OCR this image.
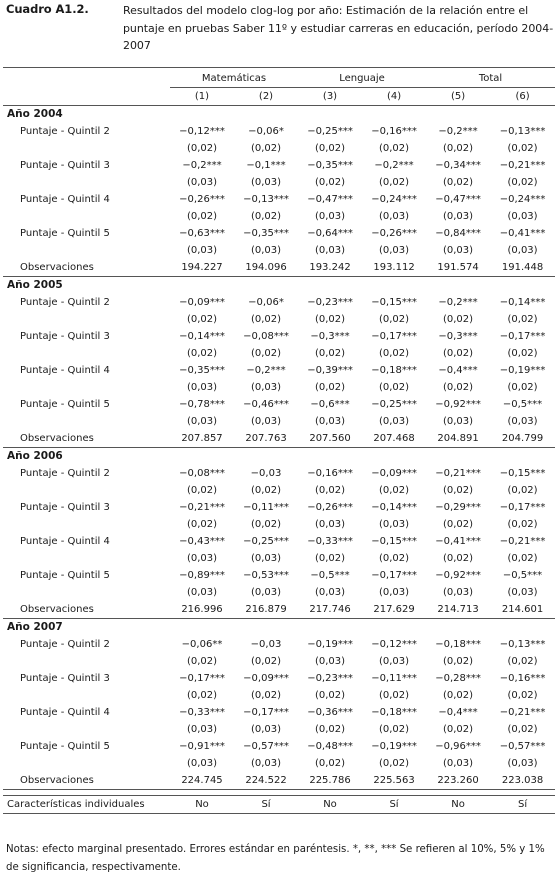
Cuadro A1.2.	Resultados del modelo clog-log por año: Estimación de la relación entre el puntaje en pruebas Saber 11º y estudiar carreras en educación, período 2004-2007
	Matemáticas		Lenguaje		Total	
	(1)	(2)	(3)	(4)	(5)	(6)
Año 2004						
Puntaje - Quintil 2	−0,12***	−0,06*	−0,25***	−0,16***	−0,2***	−0,13***
	(0,02)	(0,02)	(0,02)	(0,02)	(0,02)	(0,02)
Puntaje - Quintil 3	−0,2***	−0,1***	−0,35***	−0,2***	−0,34***	−0,21***
	(0,03)	(0,03)	(0,02)	(0,02)	(0,02)	(0,02)
Puntaje - Quintil 4	−0,26***	−0,13***	−0,47***	−0,24***	−0,47***	−0,24***
	(0,02)	(0,02)	(0,03)	(0,03)	(0,03)	(0,03)
Puntaje - Quintil 5	−0,63***	−0,35***	−0,64***	−0,26***	−0,84***	−0,41***
	(0,03)	(0,03)	(0,03)	(0,03)	(0,03)	(0,03)
Observaciones	194.227	194.096	193.242	193.112	191.574	191.448
Año 2005						
Puntaje - Quintil 2	−0,09***	−0,06*	−0,23***	−0,15***	−0,2***	−0,14***
	(0,02)	(0,02)	(0,02)	(0,02)	(0,02)	(0,02)
Puntaje - Quintil 3	−0,14***	−0,08***	−0,3***	−0,17***	−0,3***	−0,17***
	(0,02)	(0,02)	(0,02)	(0,02)	(0,02)	(0,02)
Puntaje - Quintil 4	−0,35***	−0,2***	−0,39***	−0,18***	−0,4***	−0,19***
	(0,03)	(0,03)	(0,02)	(0,02)	(0,02)	(0,02)
Puntaje - Quintil 5	−0,78***	−0,46***	−0,6***	−0,25***	−0,92***	−0,5***
	(0,03)	(0,03)	(0,03)	(0,03)	(0,03)	(0,03)
Observaciones	207.857	207.763	207.560	207.468	204.891	204.799
Año 2006						
Puntaje - Quintil 2	−0,08***	−0,03	−0,16***	−0,09***	−0,21***	−0,15***
	(0,02)	(0,02)	(0,02)	(0,02)	(0,02)	(0,02)
Puntaje - Quintil 3	−0,21***	−0,11***	−0,26***	−0,14***	−0,29***	−0,17***
	(0,02)	(0,02)	(0,03)	(0,03)	(0,02)	(0,02)
Puntaje - Quintil 4	−0,43***	−0,25***	−0,33***	−0,15***	−0,41***	−0,21***
	(0,03)	(0,03)	(0,02)	(0,02)	(0,02)	(0,02)
Puntaje - Quintil 5	−0,89***	−0,53***	−0,5***	−0,17***	−0,92***	−0,5***
	(0,03)	(0,03)	(0,03)	(0,03)	(0,03)	(0,03)
Observaciones	216.996	216.879	217.746	217.629	214.713	214.601
Año 2007						
Puntaje - Quintil 2	−0,06**	−0,03	−0,19***	−0,12***	−0,18***	−0,13***
	(0,02)	(0,02)	(0,03)	(0,03)	(0,02)	(0,02)
Puntaje - Quintil 3	−0,17***	−0,09***	−0,23***	−0,11***	−0,28***	−0,16***
	(0,02)	(0,02)	(0,02)	(0,02)	(0,02)	(0,02)
Puntaje - Quintil 4	−0,33***	−0,17***	−0,36***	−0,18***	−0,4***	−0,21***
	(0,03)	(0,03)	(0,02)	(0,02)	(0,02)	(0,02)
Puntaje - Quintil 5	−0,91***	−0,57***	−0,48***	−0,19***	−0,96***	−0,57***
	(0,03)	(0,03)	(0,02)	(0,02)	(0,03)	(0,03)
Observaciones	224.745	224.522	225.786	225.563	223.260	223.038

Características individuales	No	Sí	No	Sí	No	Sí
Notas: efecto marginal presentado. Errores estándar en paréntesis. *, **, *** Se refieren al 10%, 5% y 1% de significancia, respectivamente.
